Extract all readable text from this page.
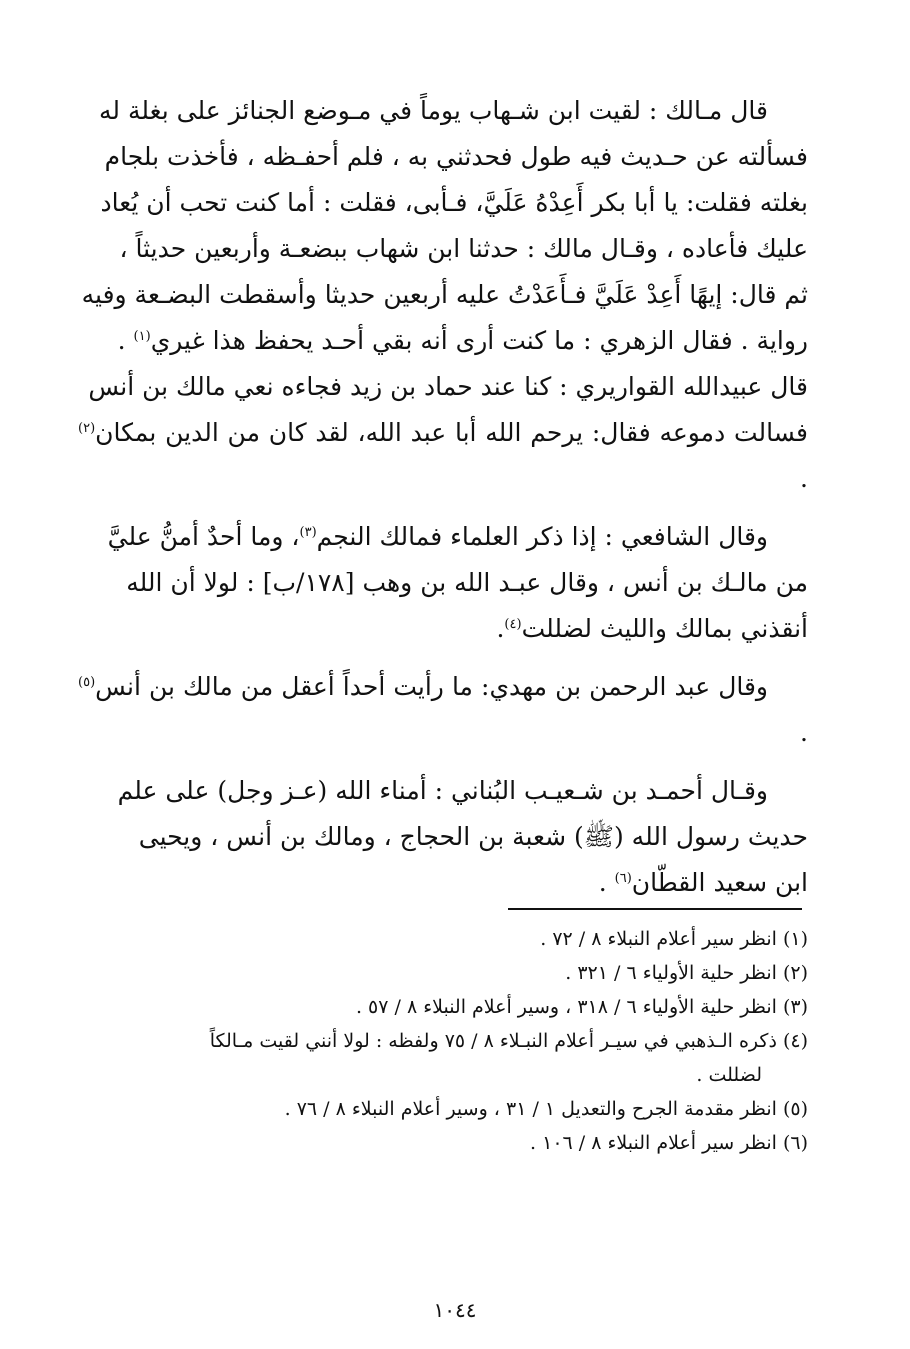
قال مـالك : لقيت ابن شـهاب يوماً في مـوضع الجنائز على بغلة له
فسألته عن حـديث فيه طول فحدثني به ، فلم أحفـظه ، فأخذت بلجام
بغلته فقلت: يا أبا بكر أَعِدْهُ عَلَيَّ، فـأبى، فقلت : أما كنت تحب أن يُعاد
عليك فأعاده ، وقـال مالك : حدثنا ابن شهاب ببضعـة وأربعين حديثاً ،
ثم قال: إيهًا أَعِدْ عَلَيَّ فـأَعَدْتُ عليه أربعين حديثا وأسقطت البضـعة وفيه
رواية . فقال الزهري : ما كنت أرى أنه بقي أحـد يحفظ هذا غيري$^{(١)}$ .

قال عبيدالله القواريري : كنا عند حماد بن زيد فجاءه نعي مالك بن أنس
فسالت دموعه فقال: يرحم الله أبا عبد الله، لقد كان من الدين بمكان$^{(٢)}$ .

وقال الشافعي : إذا ذكر العلماء فمالك النجم$^{(٣)}$، وما أحدٌ أمنُّ عليَّ
من مالـك بن أنس ، وقال عبـد الله بن وهب [١٧٨/ب] : لولا أن الله
أنقذني بمالك والليث لضللت$^{(٤)}$.

وقال عبد الرحمن بن مهدي: ما رأيت أحداً أعقل من مالك بن أنس$^{(٥)}$ .

وقـال أحمـد بن شـعيـب البُناني : أمناء الله (عـز وجل) على علم
حديث رسول الله (ﷺ) شعبة بن الحجاج ، ومالك بن أنس ، ويحيى
ابن سعيد القطّان$^{(٦)}$ .

(١) انظر سير أعلام النبلاء ٨ / ٧٢ .

(٢) انظر حلية الأولياء ٦ / ٣٢١ .

(٣) انظر حلية الأولياء ٦ / ٣١٨ ، وسير أعلام النبلاء ٨ / ٥٧ .

(٤) ذكره الـذهبي في سيـر أعلام النبـلاء ٨ / ٧٥ ولفظه : لولا أنني لقيت مـالكاً

لضللت .

(٥) انظر مقدمة الجرح والتعديل ١ / ٣١ ، وسير أعلام النبلاء ٨ / ٧٦ .

(٦) انظر سير أعلام النبلاء ٨ / ١٠٦ .

١٠٤٤
